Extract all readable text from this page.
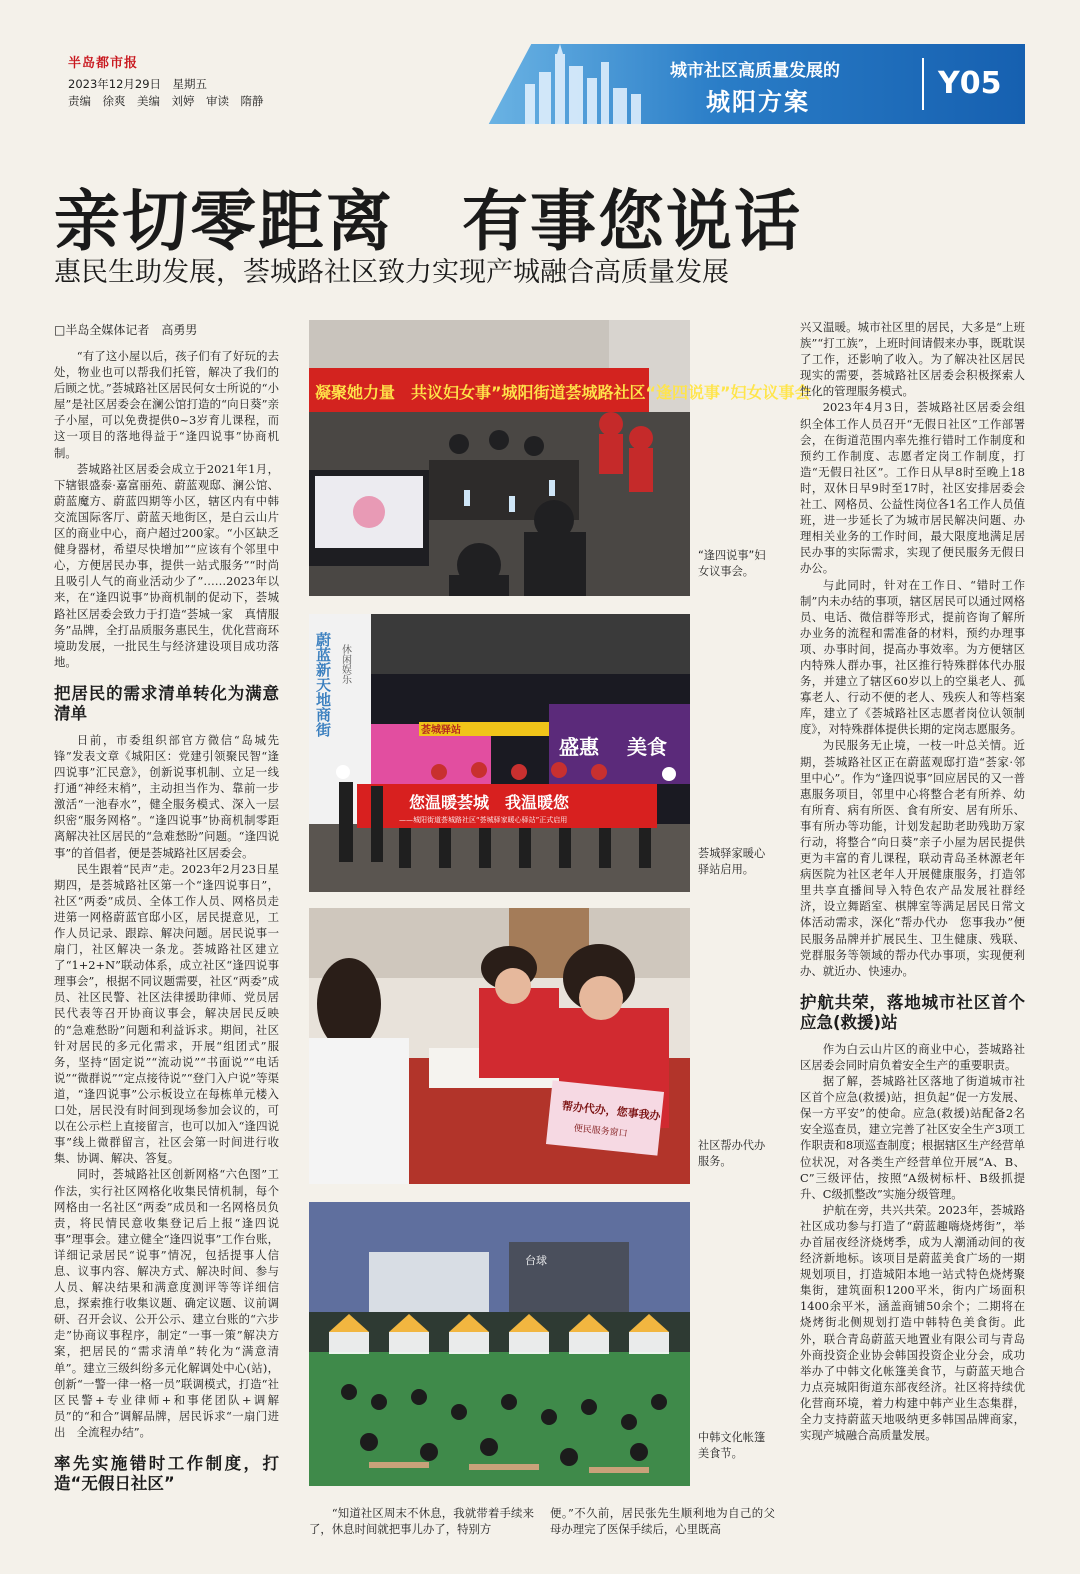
半岛都市报
2023年12月29日　星期五
责编　徐爽　美编　刘婷　审读　隋静
城市社区高质量发展的
城阳方案
Y05
亲切零距离　有事您说话
惠民生助发展，荟城路社区致力实现产城融合高质量发展
□半岛全媒体记者　高勇男

“有了这小屋以后，孩子们有了好玩的去处，物业也可以帮我们托管，解决了我们的后顾之忧。”荟城路社区居民何女士所说的“小屋”是社区居委会在澜公馆打造的“向日葵”亲子小屋，可以免费提供0~3岁育儿课程，而这一项目的落地得益于“逢四说事”协商机制。

荟城路社区居委会成立于2021年1月，下辖银盛泰·嘉富丽苑、蔚蓝观邸、澜公馆、蔚蓝魔方、蔚蓝四期等小区，辖区内有中韩交流国际客厅、蔚蓝天地街区，是白云山片区的商业中心，商户超过200家。“小区缺乏健身器材，希望尽快增加”“应该有个邻里中心，方便居民办事，提供一站式服务”“时尚且吸引人气的商业活动少了”……2023年以来，在“逢四说事”协商机制的促动下，荟城路社区居委会致力于打造“荟城一家　真情服务”品牌，全打品质服务惠民生，优化营商环境助发展，一批民生与经济建设项目成功落地。

把居民的需求清单转化为满意清单

日前，市委组织部官方微信“岛城先锋”发表文章《城阳区：党建引领聚民智“逢四说事”汇民意》，创新说事机制、立足一线打通“神经末梢”，主动担当作为、靠前一步激活“一池春水”，健全服务模式、深入一层织密“服务网格”。“逢四说事”协商机制零距离解决社区居民的“急难愁盼”问题。“逢四说事”的首倡者，便是荟城路社区居委会。

民生跟着“民声”走。2023年2月23日星期四，是荟城路社区第一个“逢四说事日”，社区“两委”成员、全体工作人员、网格员走进第一网格蔚蓝官邸小区，居民提意见，工作人员记录、跟踪、解决问题。居民说事一扇门，社区解决一条龙。荟城路社区建立了“1+2+N”联动体系，成立社区“逢四说事理事会”，根据不同议题需要，社区“两委”成员、社区民警、社区法律援助律师、党员居民代表等召开协商议事会，解决居民反映的“急难愁盼”问题和利益诉求。期间，社区针对居民的多元化需求，开展“组团式”服务，坚持“固定说”“流动说”“书面说”“电话说”“微群说”“定点接待说”“登门入户说”等渠道，“逢四说事”公示板设立在每栋单元楼入口处，居民没有时间到现场参加会议的，可以在公示栏上直接留言，也可以加入“逢四说事”线上微群留言，社区会第一时间进行收集、协调、解决、答复。

同时，荟城路社区创新网格“六色图”工作法，实行社区网格化收集民情机制，每个网格由一名社区“两委”成员和一名网格员负责，将民情民意收集登记后上报“逢四说事”理事会。建立健全“逢四说事”工作台账，详细记录居民“说事”情况，包括提事人信息、议事内容、解决方式、解决时间、参与人员、解决结果和满意度测评等等详细信息，探索推行收集议题、确定议题、议前调研、召开会议、公开公示、建立台账的“六步走”协商议事程序，制定“一事一策”解决方案，把居民的“需求清单”转化为“满意清单”。建立三级纠纷多元化解调处中心(站)，创新“一警一律一格一员”联调模式，打造“社区民警+专业律师+和事佬团队+调解员”的“和合”调解品牌，居民诉求“一扇门进出　全流程办结”。

率先实施错时工作制度，打造“无假日社区”

“知道社区周末不休息，我就带着手续来了，休息时间就把事儿办了，特别方

便。”不久前，居民张先生顺利地为自己的父母办理完了医保手续后，心里既高

凝聚她力量　共议妇女事”城阳街道荟城路社区“逢四说事”妇女议事会
“逢四说事”妇女议事会。
蔚蓝新天地商街 休闲娱乐
荟城驿站
盛惠 美食
您温暖荟城　我温暖您
——城阳街道荟城路社区“荟城驿家暖心驿站”正式启用
荟城驿家暖心驿站启用。
帮办代办，您事我办
便民服务窗口
社区帮办代办服务。
台球
中韩文化帐篷美食节。

兴又温暖。城市社区里的居民，大多是“上班族”“打工族”，上班时间请假来办事，既耽误了工作，还影响了收入。为了解决社区居民现实的需要，荟城路社区居委会积极探索人性化的管理服务模式。

2023年4月3日，荟城路社区居委会组织全体工作人员召开“无假日社区”工作部署会，在街道范围内率先推行错时工作制度和预约工作制度、志愿者定岗工作制度，打造“无假日社区”。工作日从早8时至晚上18时，双休日早9时至17时，社区安排居委会社工、网格员、公益性岗位各1名工作人员值班，进一步延长了为城市居民解决问题、办理相关业务的工作时间，最大限度地满足居民办事的实际需求，实现了便民服务无假日办公。

与此同时，针对在工作日、“错时工作制”内未办结的事项，辖区居民可以通过网格员、电话、微信群等形式，提前咨询了解所办业务的流程和需准备的材料，预约办理事项、办事时间，提高办事效率。为方便辖区内特殊人群办事，社区推行特殊群体代办服务，并建立了辖区60岁以上的空巢老人、孤寡老人、行动不便的老人、残疾人和等档案库，建立了《荟城路社区志愿者岗位认领制度》，对特殊群体提供长期的定岗志愿服务。

为民服务无止境，一枝一叶总关情。近期，荟城路社区正在蔚蓝观邸打造“荟家·邻里中心”。作为“逢四说事”回应居民的又一普惠服务项目，邻里中心将整合老有所养、幼有所育、病有所医、食有所安、居有所乐、事有所办等功能，计划发起助老助残助万家行动，将整合“向日葵”亲子小屋为居民提供更为丰富的育儿课程，联动青岛圣林源老年病医院为社区老年人开展健康服务，打造邻里共享直播间导入特色农产品发展社群经济，设立舞蹈室、棋牌室等满足居民日常文体活动需求，深化“帮办代办　您事我办”便民服务品牌并扩展民生、卫生健康、残联、党群服务等领域的帮办代办事项，实现便利办、就近办、快速办。

护航共荣，落地城市社区首个应急(救援)站

作为白云山片区的商业中心，荟城路社区居委会同时肩负着安全生产的重要职责。

据了解，荟城路社区落地了街道城市社区首个应急(救援)站，担负起“促一方发展、保一方平安”的使命。应急(救援)站配备2名安全巡查员，建立完善了社区安全生产3项工作职责和8项巡查制度；根据辖区生产经营单位状况，对各类生产经营单位开展“A、B、C”三级评估，按照“A级树标杆、B级抓提升、C级抓整改”实施分级管理。

护航在旁，共兴共荣。2023年，荟城路社区成功参与打造了“蔚蓝趣嗨烧烤街”，举办首届夜经济烧烤季，成为人潮涌动间的夜经济新地标。该项目是蔚蓝美食广场的一期规划项目，打造城阳本地一站式特色烧烤聚集街，建筑面积1200平米，街内广场面积1400余平米，涵盖商铺50余个；二期将在烧烤街北侧规划打造中韩特色美食街。此外，联合青岛蔚蓝天地置业有限公司与青岛外商投资企业协会韩国投资企业分会，成功举办了中韩文化帐篷美食节，与蔚蓝天地合力点亮城阳街道东部夜经济。社区将持续优化营商环境，着力构建中韩产业生态集群，全力支持蔚蓝天地吸纳更多韩国品牌商家，实现产城融合高质量发展。
